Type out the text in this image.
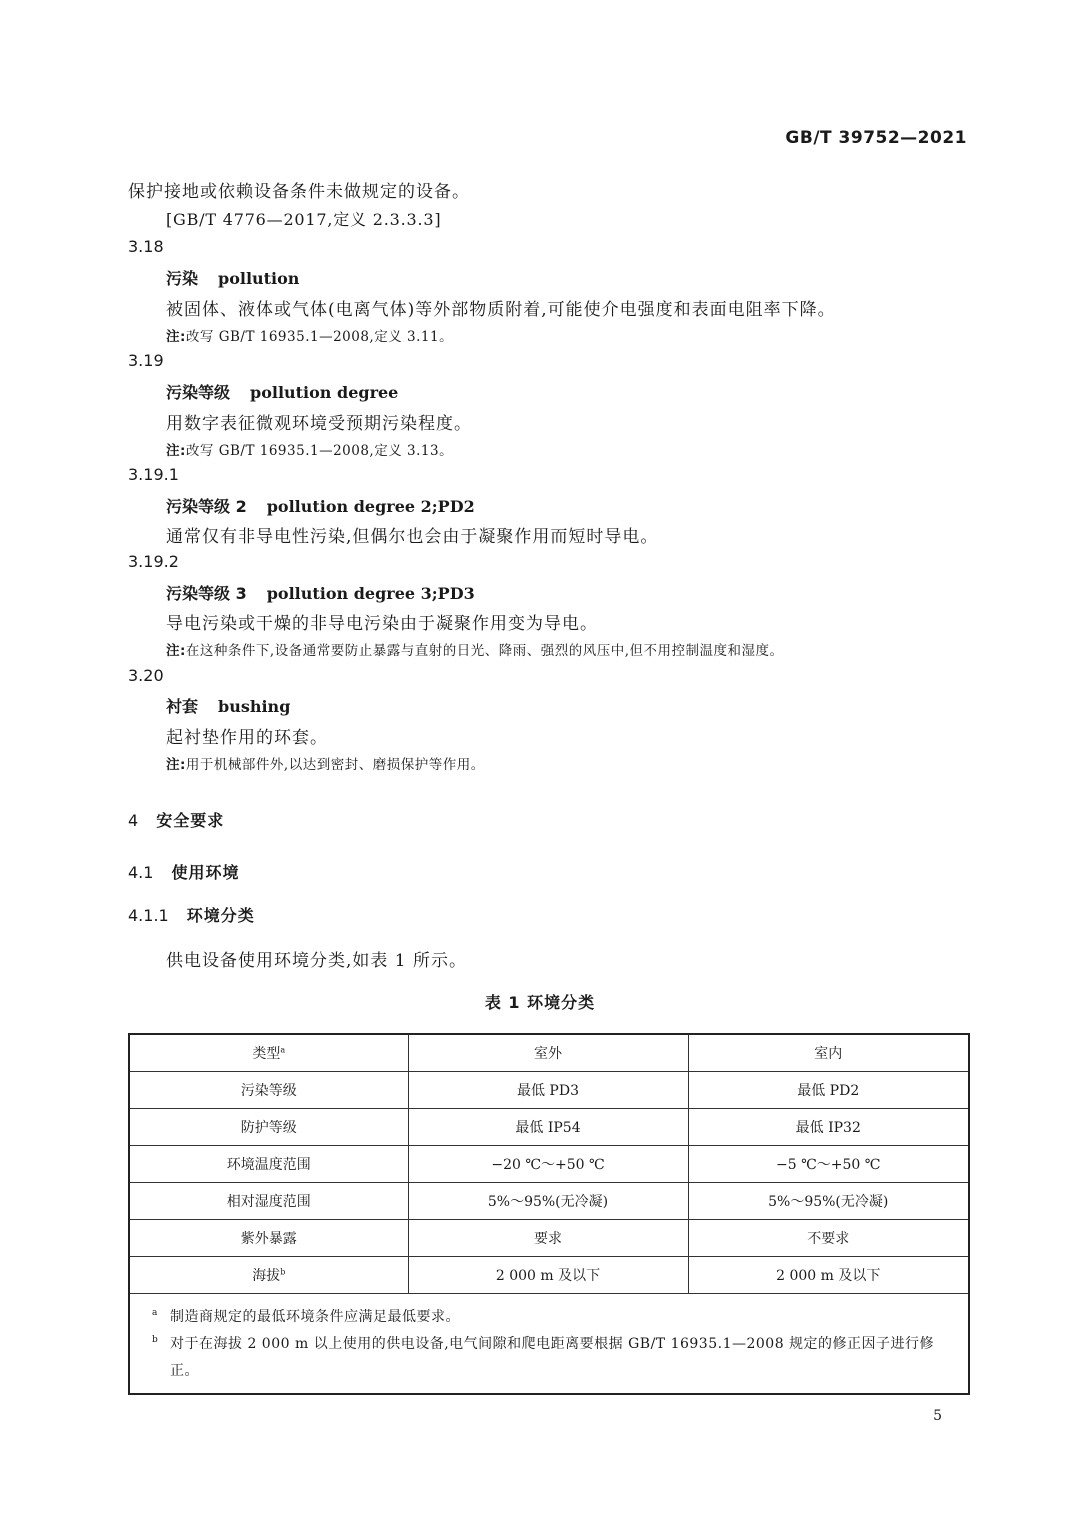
GB/T 39752—2021
保护接地或依赖设备条件未做规定的设备。
[GB/T 4776—2017,定义 2.3.3.3]
3.18
污染 pollution
被固体、液体或气体(电离气体)等外部物质附着,可能使介电强度和表面电阻率下降。
注:改写 GB/T 16935.1—2008,定义 3.11。
3.19
污染等级 pollution degree
用数字表征微观环境受预期污染程度。
注:改写 GB/T 16935.1—2008,定义 3.13。
3.19.1
污染等级 2 pollution degree 2;PD2
通常仅有非导电性污染,但偶尔也会由于凝聚作用而短时导电。
3.19.2
污染等级 3 pollution degree 3;PD3
导电污染或干燥的非导电污染由于凝聚作用变为导电。
注:在这种条件下,设备通常要防止暴露与直射的日光、降雨、强烈的风压中,但不用控制温度和湿度。
3.20
衬套 bushing
起衬垫作用的环套。
注:用于机械部件外,以达到密封、磨损保护等作用。
4 安全要求
4.1 使用环境
4.1.1 环境分类
供电设备使用环境分类,如表 1 所示。
表 1 环境分类
类型$^a$	室外	室内
污染等级	最低 PD3	最低 PD2
防护等级	最低 IP54	最低 IP32
环境温度范围	−20 ℃～+50 ℃	−5 ℃～+50 ℃
相对湿度范围	5%～95%(无冷凝)	5%～95%(无冷凝)
紫外暴露	要求	不要求
海拔$^b$	2 000 m 及以下	2 000 m 及以下

a 制造商规定的最低环境条件应满足最低要求。
b 对于在海拔 2 000 m 以上使用的供电设备,电气间隙和爬电距离要根据 GB/T 16935.1—2008 规定的修正因子进行修正。		
5
